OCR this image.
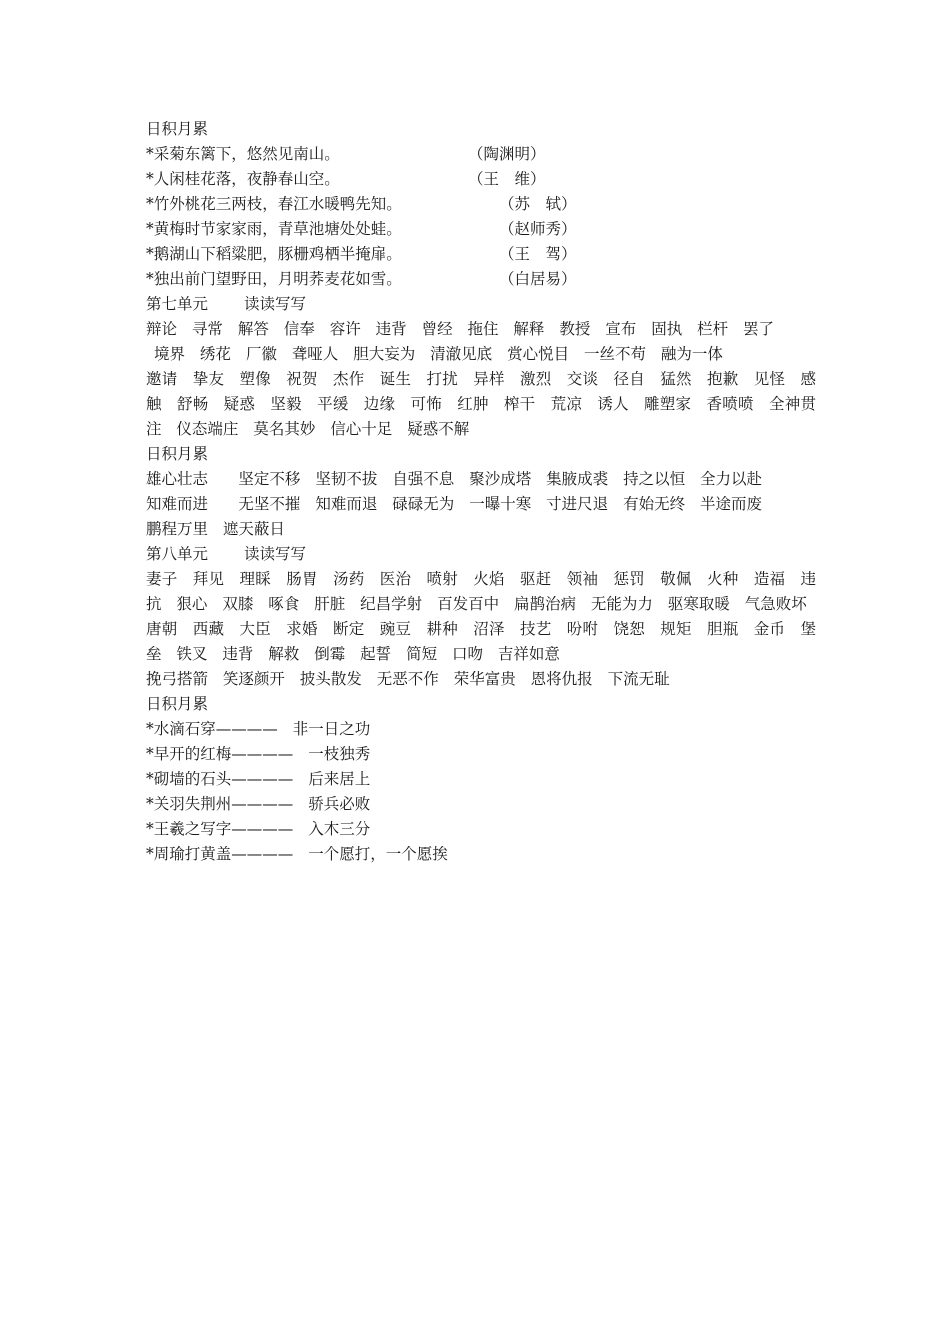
日积月累
*采菊东篱下，悠然见南山。	（陶渊明）
*人闲桂花落，夜静春山空。	（王　维）
*竹外桃花三两枝，春江水暖鸭先知。	（苏　轼）
*黄梅时节家家雨，青草池塘处处蛙。	（赵师秀）
*鹅湖山下稻粱肥，豚栅鸡栖半掩扉。	（王　驾）
*独出前门望野田，月明荞麦花如雪。	（白居易）
第七单元 读读写写
辩论 寻常 解答 信奉 容许 违背 曾经 拖住 解释 教授 宣布 固执 栏杆 罢了
境界 绣花 厂徽 聋哑人 胆大妄为 清澈见底 赏心悦目 一丝不苟 融为一体
邀请 挚友 塑像 祝贺 杰作 诞生 打扰 异样 激烈 交谈 径自 猛然 抱歉 见怪 感触 舒畅 疑惑 坚毅 平缓 边缘 可怖 红肿 榨干 荒凉 诱人 雕塑家 香喷喷 全神贯注 仪态端庄 莫名其妙 信心十足 疑惑不解
日积月累
雄心壮志　 坚定不移 坚韧不拔 自强不息 聚沙成塔 集腋成裘 持之以恒 全力以赴
知难而进　 无坚不摧 知难而退 碌碌无为 一曝十寒 寸进尺退 有始无终 半途而废
鹏程万里 遮天蔽日
第八单元 读读写写
妻子 拜见 理睬 肠胃 汤药 医治 喷射 火焰 驱赶 领袖 惩罚 敬佩 火种 造福 违抗 狠心 双膝 啄食 肝脏 纪昌学射 百发百中 扁鹊治病 无能为力 驱寒取暖 气急败坏
唐朝 西藏 大臣 求婚 断定 豌豆 耕种 沼泽 技艺 吩咐 饶恕 规矩 胆瓶 金币 堡垒 铁叉 违背 解救 倒霉 起誓 简短 口吻 吉祥如意
挽弓搭箭 笑逐颜开 披头散发 无恶不作 荣华富贵 恩将仇报 下流无耻
日积月累
*水滴石穿———— 非一日之功
*早开的红梅———— 一枝独秀
*砌墙的石头———— 后来居上
*关羽失荆州———— 骄兵必败
*王羲之写字———— 入木三分
*周瑜打黄盖———— 一个愿打，一个愿挨
